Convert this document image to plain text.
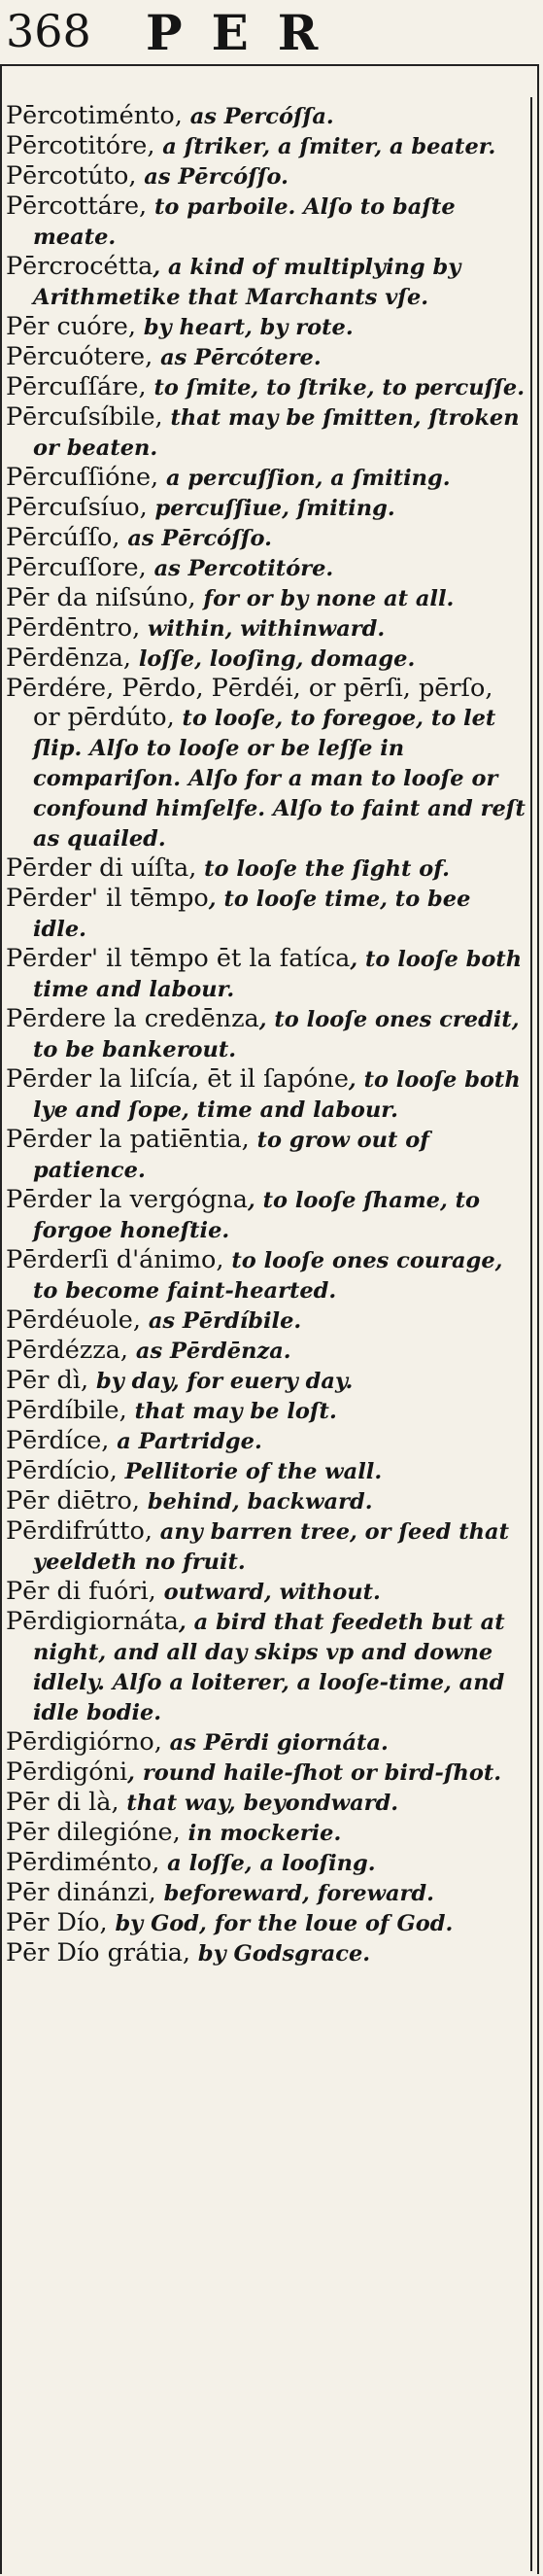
368 PER
Pērcotiménto, as Percóſſa.
Pērcotitóre, a ſtriker, a ſmiter, a beater.
Pērcotúto, as Pērcóſſo.
Pērcottáre, to parboile. Alſo to baſte meate.
Pērcrocétta, a kind of multiplying by Arithmetike that Marchants vſe.
Pēr cuóre, by heart, by rote.
Pērcuótere, as Pērcótere.
Pērcuſſáre, to ſmite, to ſtrike, to percuſſe.
Pērcuſsíbile, that may be ſmitten, ſtroken or beaten.
Pērcuſſióne, a percuſſion, a ſmiting.
Pērcuſsíuo, percuſſiue, ſmiting.
Pērcúſſo, as Pērcóſſo.
Pērcuſſore, as Percotitóre.
Pēr da niſsúno, for or by none at all.
Pērdēntro, within, withinward.
Pērdēnza, loſſe, looſing, domage.
Pērdére, Pērdo, Pērdéi, or pērſi, pērſo, or pērdúto, to looſe, to foregoe, to let ſlip. Alſo to looſe or be leſſe in compariſon. Alſo for a man to looſe or confound himſelfe. Alſo to faint and reſt as quailed.
Pērder di uíſta, to looſe the ſight of.
Pērder' il tēmpo, to looſe time, to bee idle.
Pērder' il tēmpo ēt la fatíca, to looſe both time and labour.
Pērdere la credēnza, to looſe ones credit, to be bankerout.
Pērder la liſcía, ēt il ſapóne, to looſe both lye and ſope, time and labour.
Pērder la patiēntia, to grow out of patience.
Pērder la vergógna, to looſe ſhame, to forgoe honeſtie.
Pērderſi d'ánimo, to looſe ones courage, to become faint-hearted.
Pērdéuole, as Pērdíbile.
Pērdézza, as Pērdēnza.
Pēr dì, by day, for euery day.
Pērdíbile, that may be loſt.
Pērdíce, a Partridge.
Pērdício, Pellitorie of the wall.
Pēr diētro, behind, backward.
Pērdifrútto, any barren tree, or ſeed that yeeldeth no fruit.
Pēr di fuóri, outward, without.
Pērdigiornáta, a bird that feedeth but at night, and all day skips vp and downe idlely. Alſo a loiterer, a looſe-time, and idle bodie.
Pērdigiórno, as Pērdi giornáta.
Pērdigóni, round haile-ſhot or bird-ſhot.
Pēr di là, that way, beyondward.
Pēr dilegióne, in mockerie.
Pērdiménto, a loſſe, a looſing.
Pēr dinánzi, beforeward, foreward.
Pēr Dío, by God, for the loue of God.
Pēr Dío grátia, by Godsgrace.
